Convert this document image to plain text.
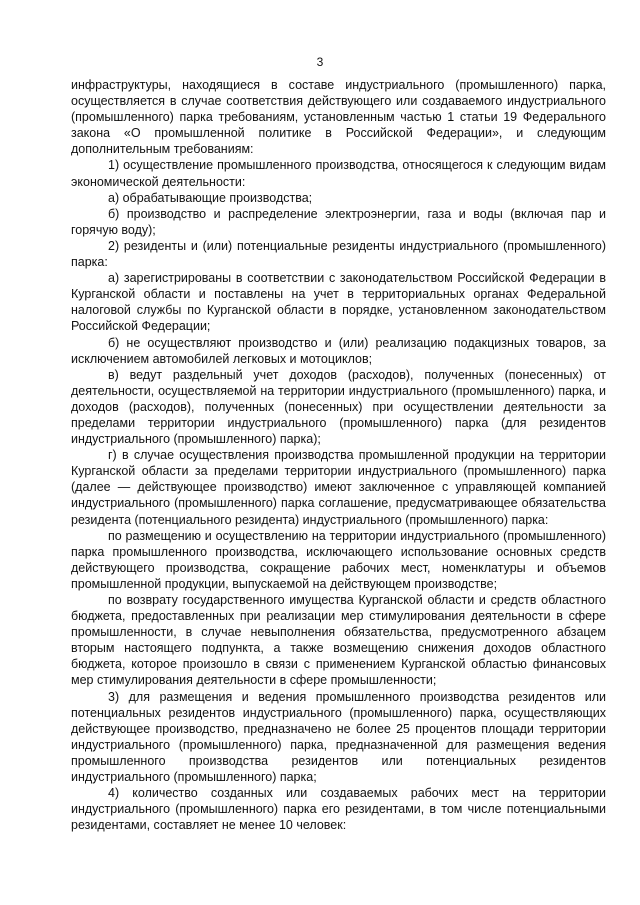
3

инфраструктуры, находящиеся в составе индустриального (промышленного) парка, осуществляется в случае соответствия действующего или создаваемого индустриального (промышленного) парка требованиям, установленным частью 1 статьи 19 Федерального закона «О промышленной политике в Российской Федерации», и следующим дополнительным требованиям:

1) осуществление промышленного производства, относящегося к следующим видам экономической деятельности:

а) обрабатывающие производства;

б) производство и распределение электроэнергии, газа и воды (включая пар и горячую воду);

2) резиденты и (или) потенциальные резиденты индустриального (промышленного) парка:

а) зарегистрированы в соответствии с законодательством Российской Федерации в Курганской области и поставлены на учет в территориальных органах Федеральной налоговой службы по Курганской области в порядке, установленном законодательством Российской Федерации;

б) не осуществляют производство и (или) реализацию подакцизных товаров, за исключением автомобилей легковых и мотоциклов;

в) ведут раздельный учет доходов (расходов), полученных (понесенных) от деятельности, осуществляемой на территории индустриального (промышленного) парка, и доходов (расходов), полученных (понесенных) при осуществлении деятельности за пределами территории индустриального (промышленного) парка (для резидентов индустриального (промышленного) парка);

г) в случае осуществления производства промышленной продукции на территории Курганской области за пределами территории индустриального (промышленного) парка (далее — действующее производство) имеют заключенное с управляющей компанией индустриального (промышленного) парка соглашение, предусматривающее обязательства резидента (потенциального резидента) индустриального (промышленного) парка:

по размещению и осуществлению на территории индустриального (промышленного) парка промышленного производства, исключающего использование основных средств действующего производства, сокращение рабочих мест, номенклатуры и объемов промышленной продукции, выпускаемой на действующем производстве;

по возврату государственного имущества Курганской области и средств областного бюджета, предоставленных при реализации мер стимулирования деятельности в сфере промышленности, в случае невыполнения обязательства, предусмотренного абзацем вторым настоящего подпункта, а также возмещению снижения доходов областного бюджета, которое произошло в связи с применением Курганской областью финансовых мер стимулирования деятельности в сфере промышленности;

3) для размещения и ведения промышленного производства резидентов или потенциальных резидентов индустриального (промышленного) парка, осуществляющих действующее производство, предназначено не более 25 процентов площади территории индустриального (промышленного) парка, предназначенной для размещения ведения промышленного производства резидентов или потенциальных резидентов индустриального (промышленного) парка;

4) количество созданных или создаваемых рабочих мест на территории индустриального (промышленного) парка его резидентами, в том числе потенциальными резидентами, составляет не менее 10 человек:
